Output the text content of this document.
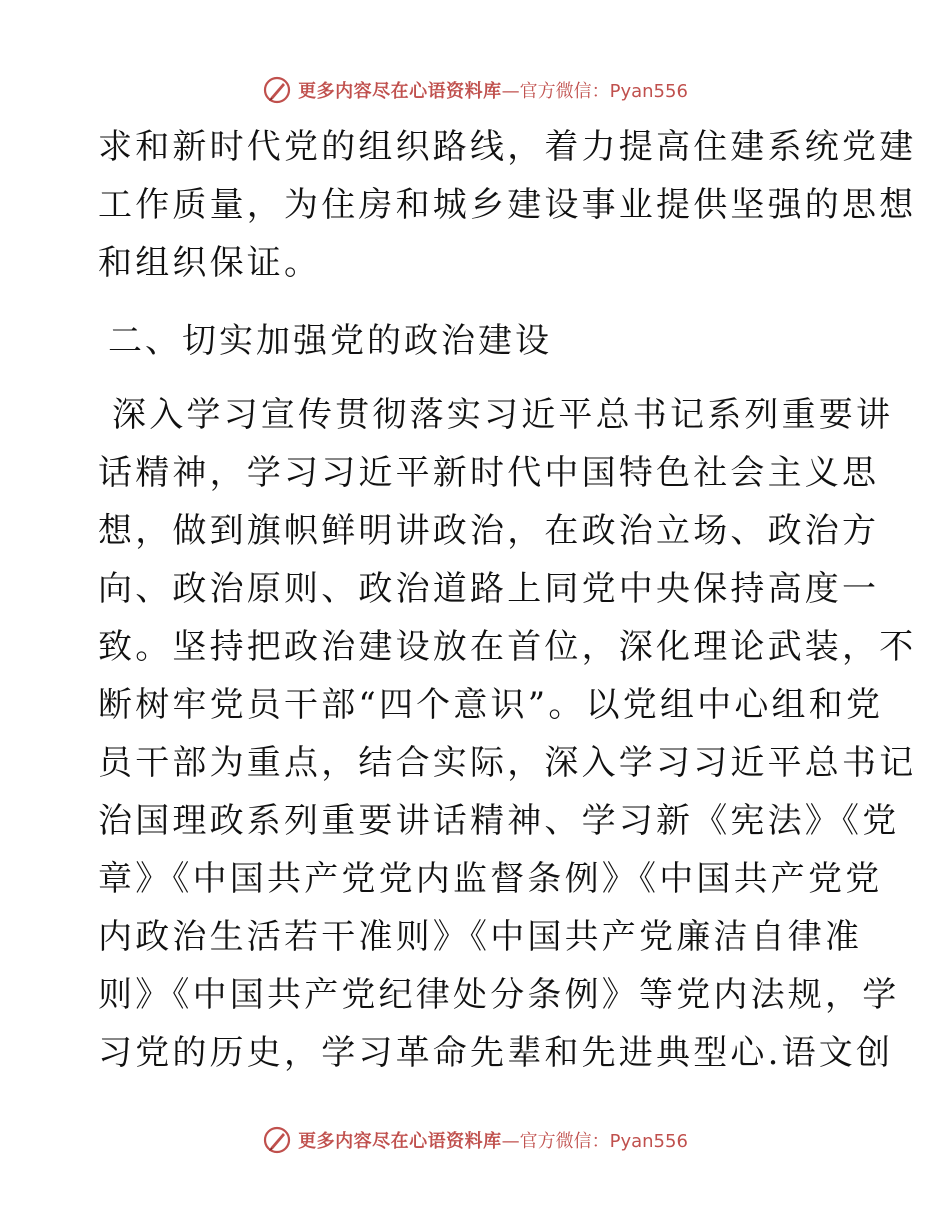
更多内容尽在心语资料库 —官方微信：Pyan556
求和新时代党的组织路线，着力提高住建系统党建
工作质量，为住房和城乡建设事业提供坚强的思想
和组织保证。
二、切实加强党的政治建设
深入学习宣传贯彻落实习近平总书记系列重要讲
话精神，学习习近平新时代中国特色社会主义思
想，做到旗帜鲜明讲政治，在政治立场、政治方
向、政治原则、政治道路上同党中央保持高度一
致。坚持把政治建设放在首位，深化理论武装，不
断树牢党员干部“四个意识”。以党组中心组和党
员干部为重点，结合实际，深入学习习近平总书记
治国理政系列重要讲话精神、学习新《宪法》《党
章》《中国共产党党内监督条例》《中国共产党党
内政治生活若干准则》《中国共产党廉洁自律准
则》《中国共产党纪律处分条例》等党内法规，学
习党的历史，学习革命先辈和先进典型心.语文创
更多内容尽在心语资料库 —官方微信：Pyan556
